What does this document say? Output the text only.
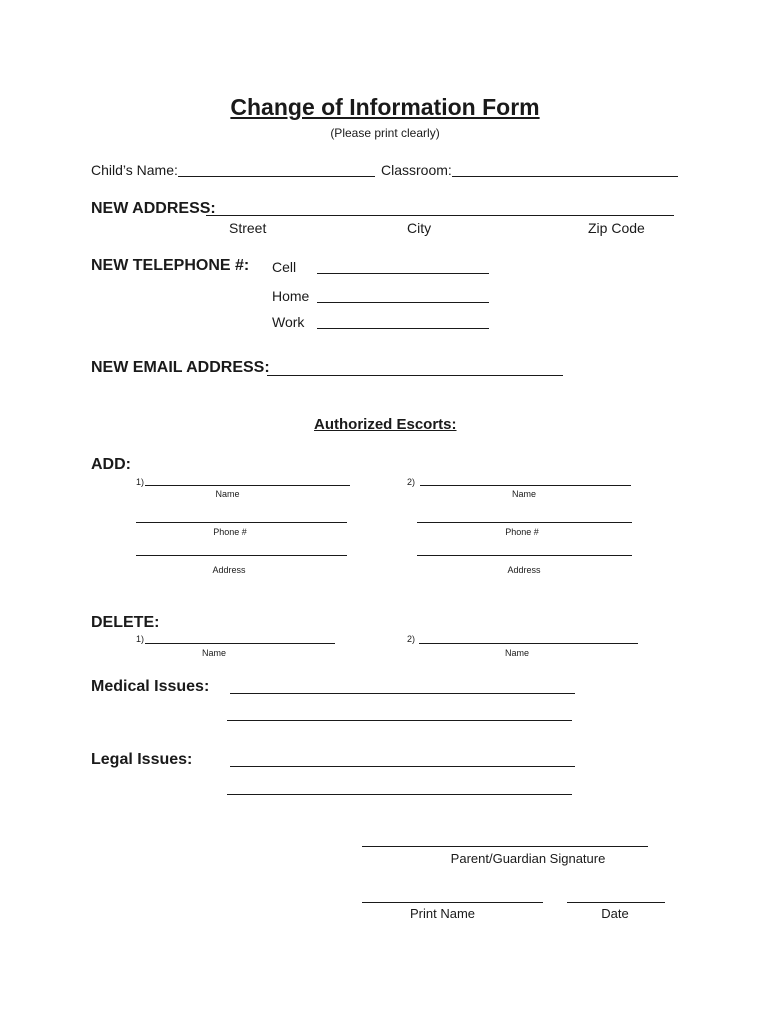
Change of Information Form
(Please print clearly)
Child’s Name:	Classroom:
NEW ADDRESS:
Street	City	Zip Code
NEW TELEPHONE #: Cell
Home
Work
NEW EMAIL ADDRESS:
Authorized Escorts:
ADD:
1)
Name
Phone #
Address
2)
Name
Phone #
Address
DELETE:
1)
Name
2)
Name
Medical Issues:
Legal Issues:
Parent/Guardian Signature
Print Name	Date
